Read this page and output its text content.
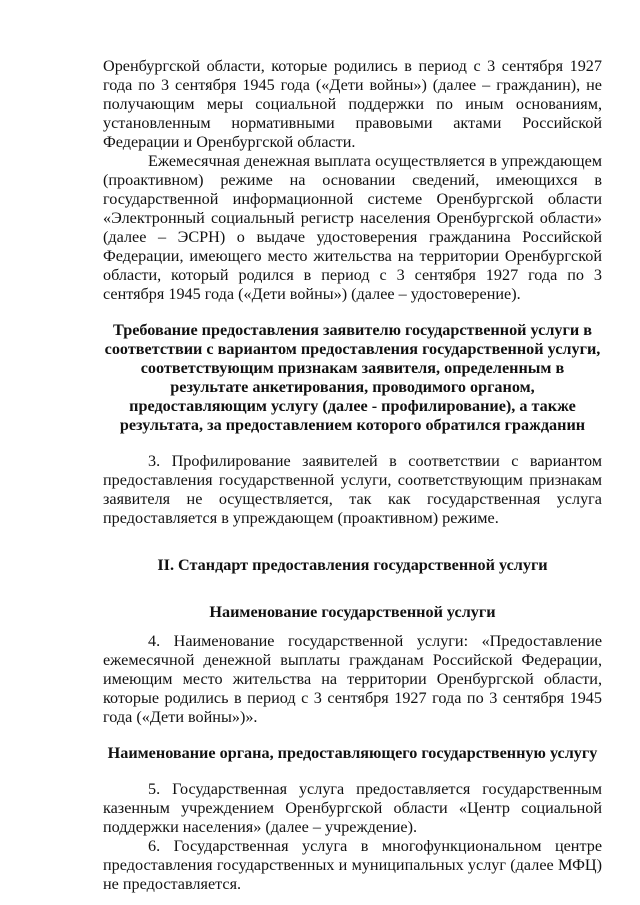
Оренбургской области, которые родились в период с 3 сентября 1927 года по 3 сентября 1945 года («Дети войны») (далее – гражданин), не получающим меры социальной поддержки по иным основаниям, установленным нормативными правовыми актами Российской Федерации и Оренбургской области.

Ежемесячная денежная выплата осуществляется в упреждающем (проактивном) режиме на основании сведений, имеющихся в государственной информационной системе Оренбургской области «Электронный социальный регистр населения Оренбургской области» (далее – ЭСРН) о выдаче удостоверения гражданина Российской Федерации, имеющего место жительства на территории Оренбургской области, который родился в период с 3 сентября 1927 года по 3 сентября 1945 года («Дети войны») (далее – удостоверение).

Требование предоставления заявителю государственной услуги в соответствии с вариантом предоставления государственной услуги, соответствующим признакам заявителя, определенным в результате анкетирования, проводимого органом, предоставляющим услугу (далее - профилирование), а также результата, за предоставлением которого обратился гражданин

3. Профилирование заявителей в соответствии с вариантом предоставления государственной услуги, соответствующим признакам заявителя не осуществляется, так как государственная услуга предоставляется в упреждающем (проактивном) режиме.

II. Стандарт предоставления государственной услуги
Наименование государственной услуги

4. Наименование государственной услуги: «Предоставление ежемесячной денежной выплаты гражданам Российской Федерации, имеющим место жительства на территории Оренбургской области, которые родились в период с 3 сентября 1927 года по 3 сентября 1945 года («Дети войны»)».

Наименование органа, предоставляющего государственную услугу

5. Государственная услуга предоставляется государственным казенным учреждением Оренбургской области «Центр социальной поддержки населения» (далее – учреждение).

6. Государственная услуга в многофункциональном центре предоставления государственных и муниципальных услуг (далее МФЦ) не предоставляется.
